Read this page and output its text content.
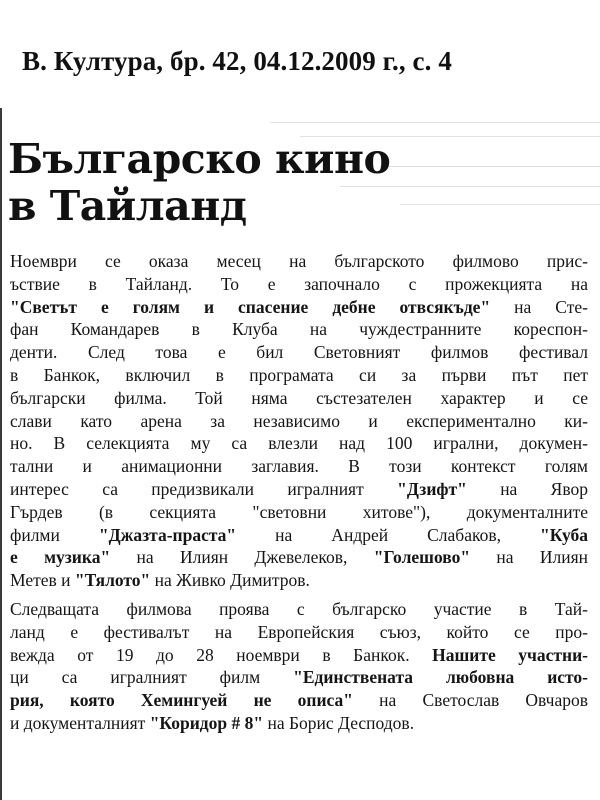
В. Култура, бр. 42, 04.12.2009 г., с. 4
Българско кино
в Тайланд
Ноември се оказа месец на българското филмово прис-
ъствие в Тайланд. То е започнало с прожекцията на
"Светът е голям и спасение дебне отвсякъде" на Сте-
фан Командарев в Клуба на чуждестранните кореспон-
денти. След това е бил Световният филмов фестивал
в Банкок, включил в програмата си за първи път пет
български филма. Той няма състезателен характер и се
слави като арена за независимо и експериментално ки-
но. В селекцията му са влезли над 100 игрални, докумен-
тални и анимационни заглавия. В този контекст голям
интерес са предизвикали игралният "Дзифт" на Явор
Гърдев (в секцията "световни хитове"), документалните
филми "Джазта-праста" на Андрей Слабаков, "Куба
е музика" на Илиян Джевелеков, "Голешово" на Илиян
Метев и "Тялото" на Живко Димитров.
Следващата филмова проява с българско участие в Тай-
ланд е фестивалът на Европейския съюз, който се про-
вежда от 19 до 28 ноември в Банкок. Нашите участни-
ци са игралният филм "Единствената любовна исто-
рия, която Хемингуей не описа" на Светослав Овчаров
и документалният "Коридор # 8" на Борис Десподов.
